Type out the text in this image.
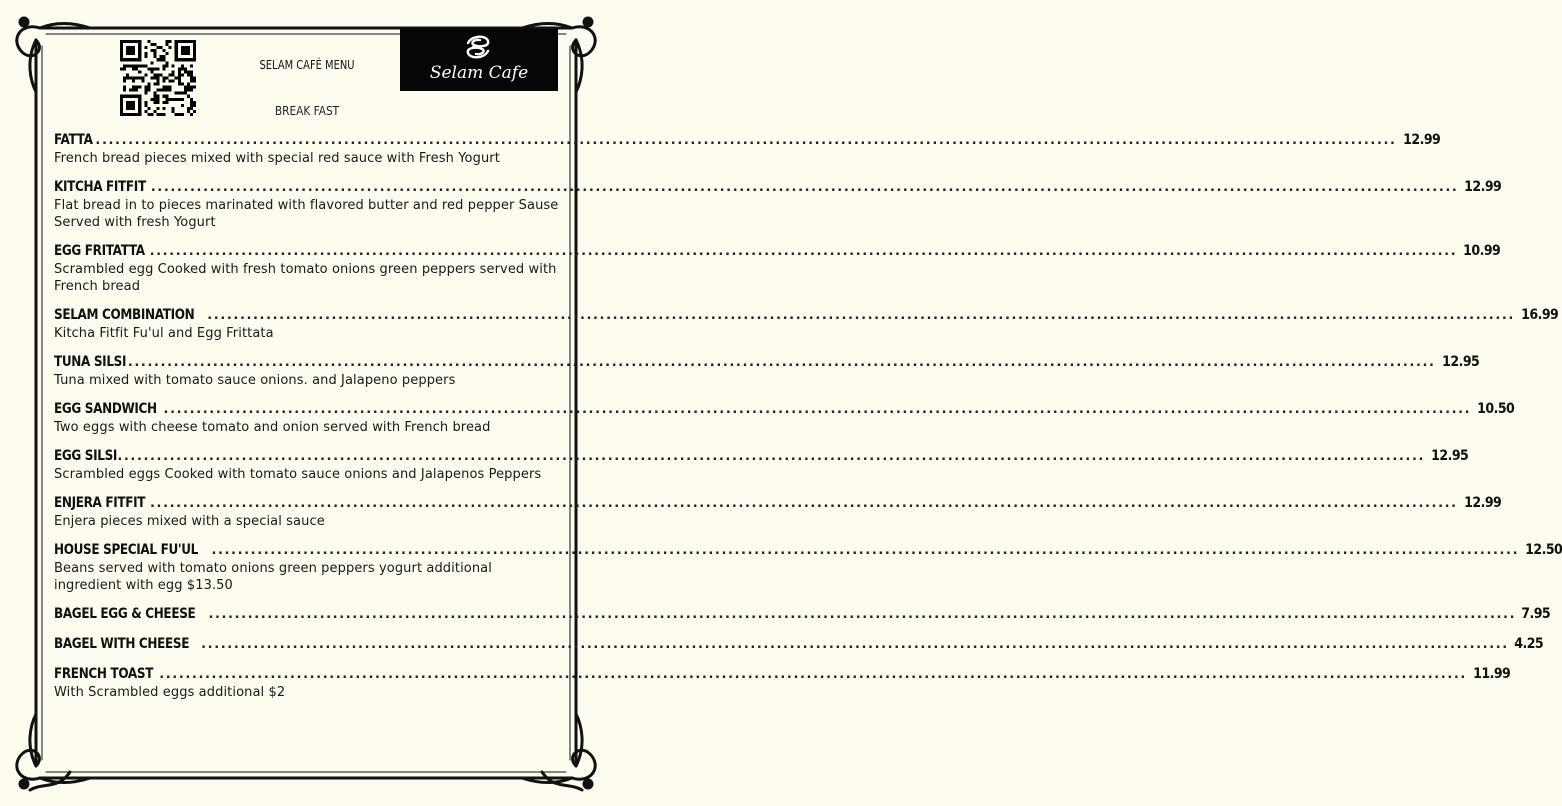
SELAM CAFÉ MENU	Selam Cafe
BREAK FAST
FATTA
........................................................................................................................................................................................................ 12.99
French bread pieces mixed with special red sauce with Fresh Yogurt
KITCHA FITFIT ........................................................................................................................................................................................................ 12.99
Flat bread in to pieces marinated with flavored butter and red pepper Sause Served with fresh Yogurt
EGG FRITATTA ........................................................................................................................................................................................................ 10.99
Scrambled egg Cooked with fresh tomato onions green peppers served with French bread
SELAM COMBINATION ........................................................................................................................................................................................................ 16.99
Kitcha Fitfit Fu'ul and Egg Frittata
TUNA SILSI ........................................................................................................................................................................................................ 12.95
Tuna mixed with tomato sauce onions. and Jalapeno peppers
EGG SANDWICH ........................................................................................................................................................................................................ 10.50
Two eggs with cheese tomato and onion served with French bread
EGG SILSI ........................................................................................................................................................................................................ 12.95
Scrambled eggs Cooked with tomato sauce onions and Jalapenos Peppers
ENJERA FITFIT ........................................................................................................................................................................................................ 12.99
Enjera pieces mixed with a special sauce
HOUSE SPECIAL FU'UL ........................................................................................................................................................................................................ 12.50
Beans served with tomato onions green peppers yogurt additional ingredient with egg $13.50
BAGEL EGG & CHEESE ........................................................................................................................................................................................................ 7.95
BAGEL WITH CHEESE ........................................................................................................................................................................................................ 4.25
FRENCH TOAST ........................................................................................................................................................................................................ 11.99
With Scrambled eggs additional $2
